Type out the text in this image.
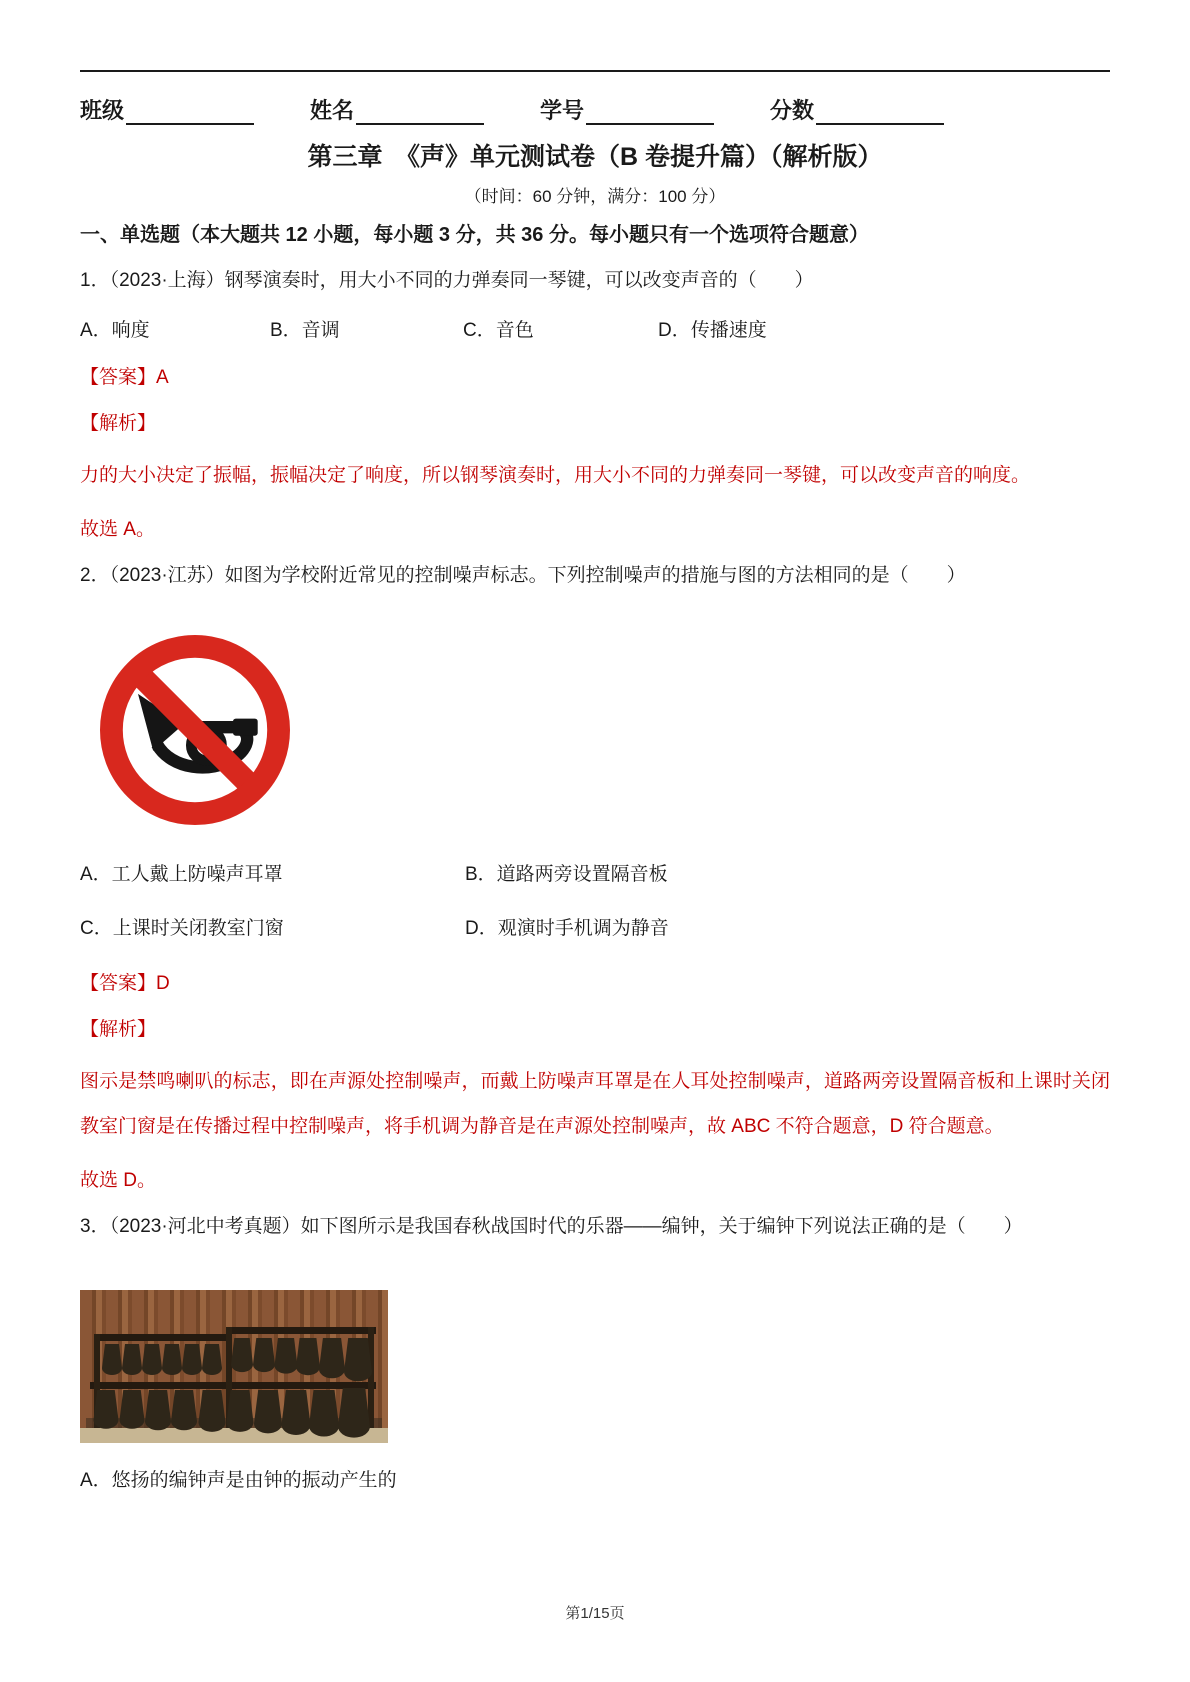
班级	姓名	学号	分数
第三章　《声》单元测试卷（B 卷提升篇）（解析版）

（时间：60 分钟，满分：100 分）

一、单选题（本大题共 12 小题，每小题 3 分，共 36 分。每小题只有一个选项符合题意）

1．（2023·上海）钢琴演奏时，用大小不同的力弹奏同一琴键，可以改变声音的（　　）

A．响度	B．音调	C．音色	D．传播速度

【答案】A

【解析】

力的大小决定了振幅，振幅决定了响度，所以钢琴演奏时，用大小不同的力弹奏同一琴键，可以改变声音的响度。

故选 A。

2．（2023·江苏）如图为学校附近常见的控制噪声标志。下列控制噪声的措施与图的方法相同的是（　　）

A．工人戴上防噪声耳罩	B．道路两旁设置隔音板
C．上课时关闭教室门窗	D．观演时手机调为静音

【答案】D

【解析】

图示是禁鸣喇叭的标志，即在声源处控制噪声，而戴上防噪声耳罩是在人耳处控制噪声，道路两旁设置隔音板和上课时关闭教室门窗是在传播过程中控制噪声，将手机调为静音是在声源处控制噪声，故 ABC 不符合题意，D 符合题意。

故选 D。

3．（2023·河北中考真题）如下图所示是我国春秋战国时代的乐器——编钟，关于编钟下列说法正确的是（　　）

A．悠扬的编钟声是由钟的振动产生的

第1/15页
